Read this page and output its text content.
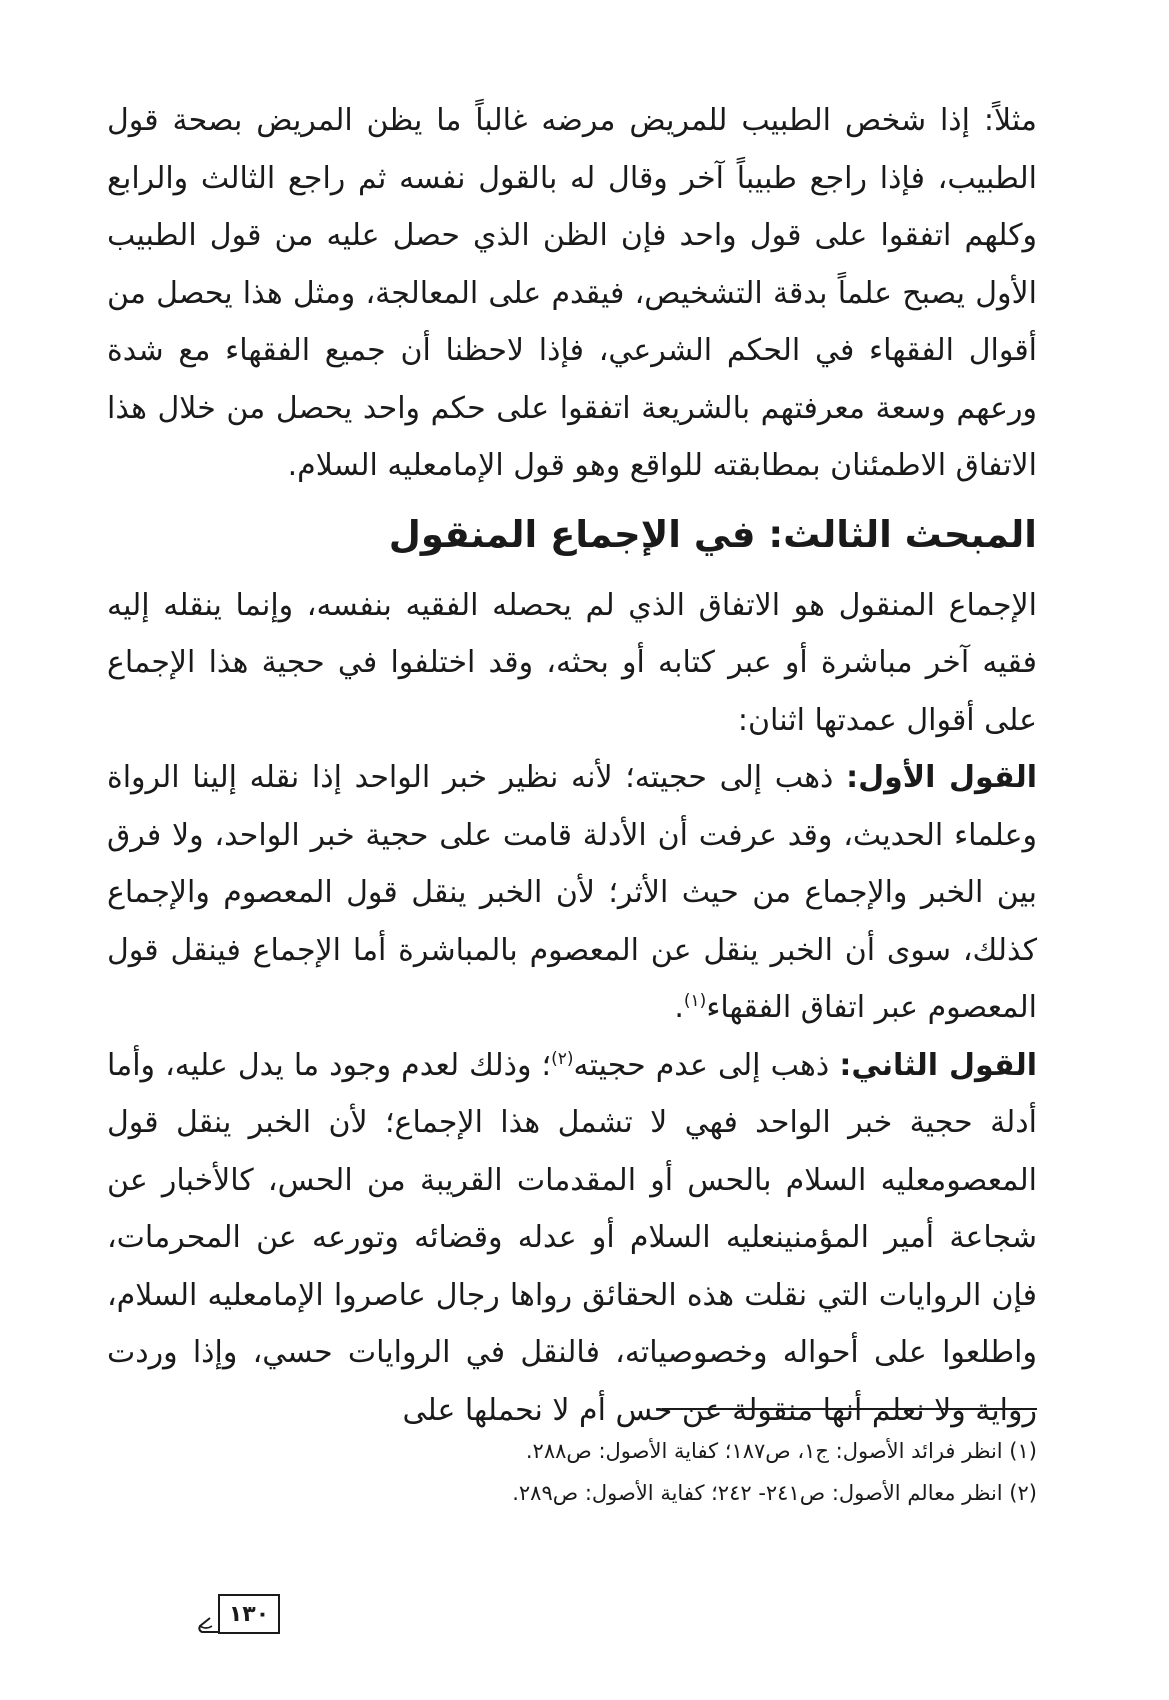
مثلاً: إذا شخص الطبيب للمريض مرضه غالباً ما يظن المريض بصحة قول الطبيب، فإذا راجع طبيباً آخر وقال له بالقول نفسه ثم راجع الثالث والرابع وكلهم اتفقوا على قول واحد فإن الظن الذي حصل عليه من قول الطبيب الأول يصبح علماً بدقة التشخيص، فيقدم على المعالجة، ومثل هذا يحصل من أقوال الفقهاء في الحكم الشرعي، فإذا لاحظنا أن جميع الفقهاء مع شدة ورعهم وسعة معرفتهم بالشريعة اتفقوا على حكم واحد يحصل من خلال هذا الاتفاق الاطمئنان بمطابقته للواقع وهو قول الإمامعليه السلام.

المبحث الثالث: في الإجماع المنقول

الإجماع المنقول هو الاتفاق الذي لم يحصله الفقيه بنفسه، وإنما ينقله إليه فقيه آخر مباشرة أو عبر كتابه أو بحثه، وقد اختلفوا في حجية هذا الإجماع على أقوال عمدتها اثنان:

القول الأول: ذهب إلى حجيته؛ لأنه نظير خبر الواحد إذا نقله إلينا الرواة وعلماء الحديث، وقد عرفت أن الأدلة قامت على حجية خبر الواحد، ولا فرق بين الخبر والإجماع من حيث الأثر؛ لأن الخبر ينقل قول المعصوم والإجماع كذلك، سوى أن الخبر ينقل عن المعصوم بالمباشرة أما الإجماع فينقل قول المعصوم عبر اتفاق الفقهاء$^{(١)}$.

القول الثاني: ذهب إلى عدم حجيته$^{(٢)}$؛ وذلك لعدم وجود ما يدل عليه، وأما أدلة حجية خبر الواحد فهي لا تشمل هذا الإجماع؛ لأن الخبر ينقل قول المعصومعليه السلام بالحس أو المقدمات القريبة من الحس، كالأخبار عن شجاعة أمير المؤمنينعليه السلام أو عدله وقضائه وتورعه عن المحرمات، فإن الروايات التي نقلت هذه الحقائق رواها رجال عاصروا الإمامعليه السلام، واطلعوا على أحواله وخصوصياته، فالنقل في الروايات حسي، وإذا وردت رواية ولا نعلم أنها منقولة عن حس أم لا نحملها على

(١) انظر فرائد الأصول: ج١، ص١٨٧؛ كفاية الأصول: ص٢٨٨.

(٢) انظر معالم الأصول: ص٢٤١- ٢٤٢؛ كفاية الأصول: ص٢٨٩.

١٣٠
